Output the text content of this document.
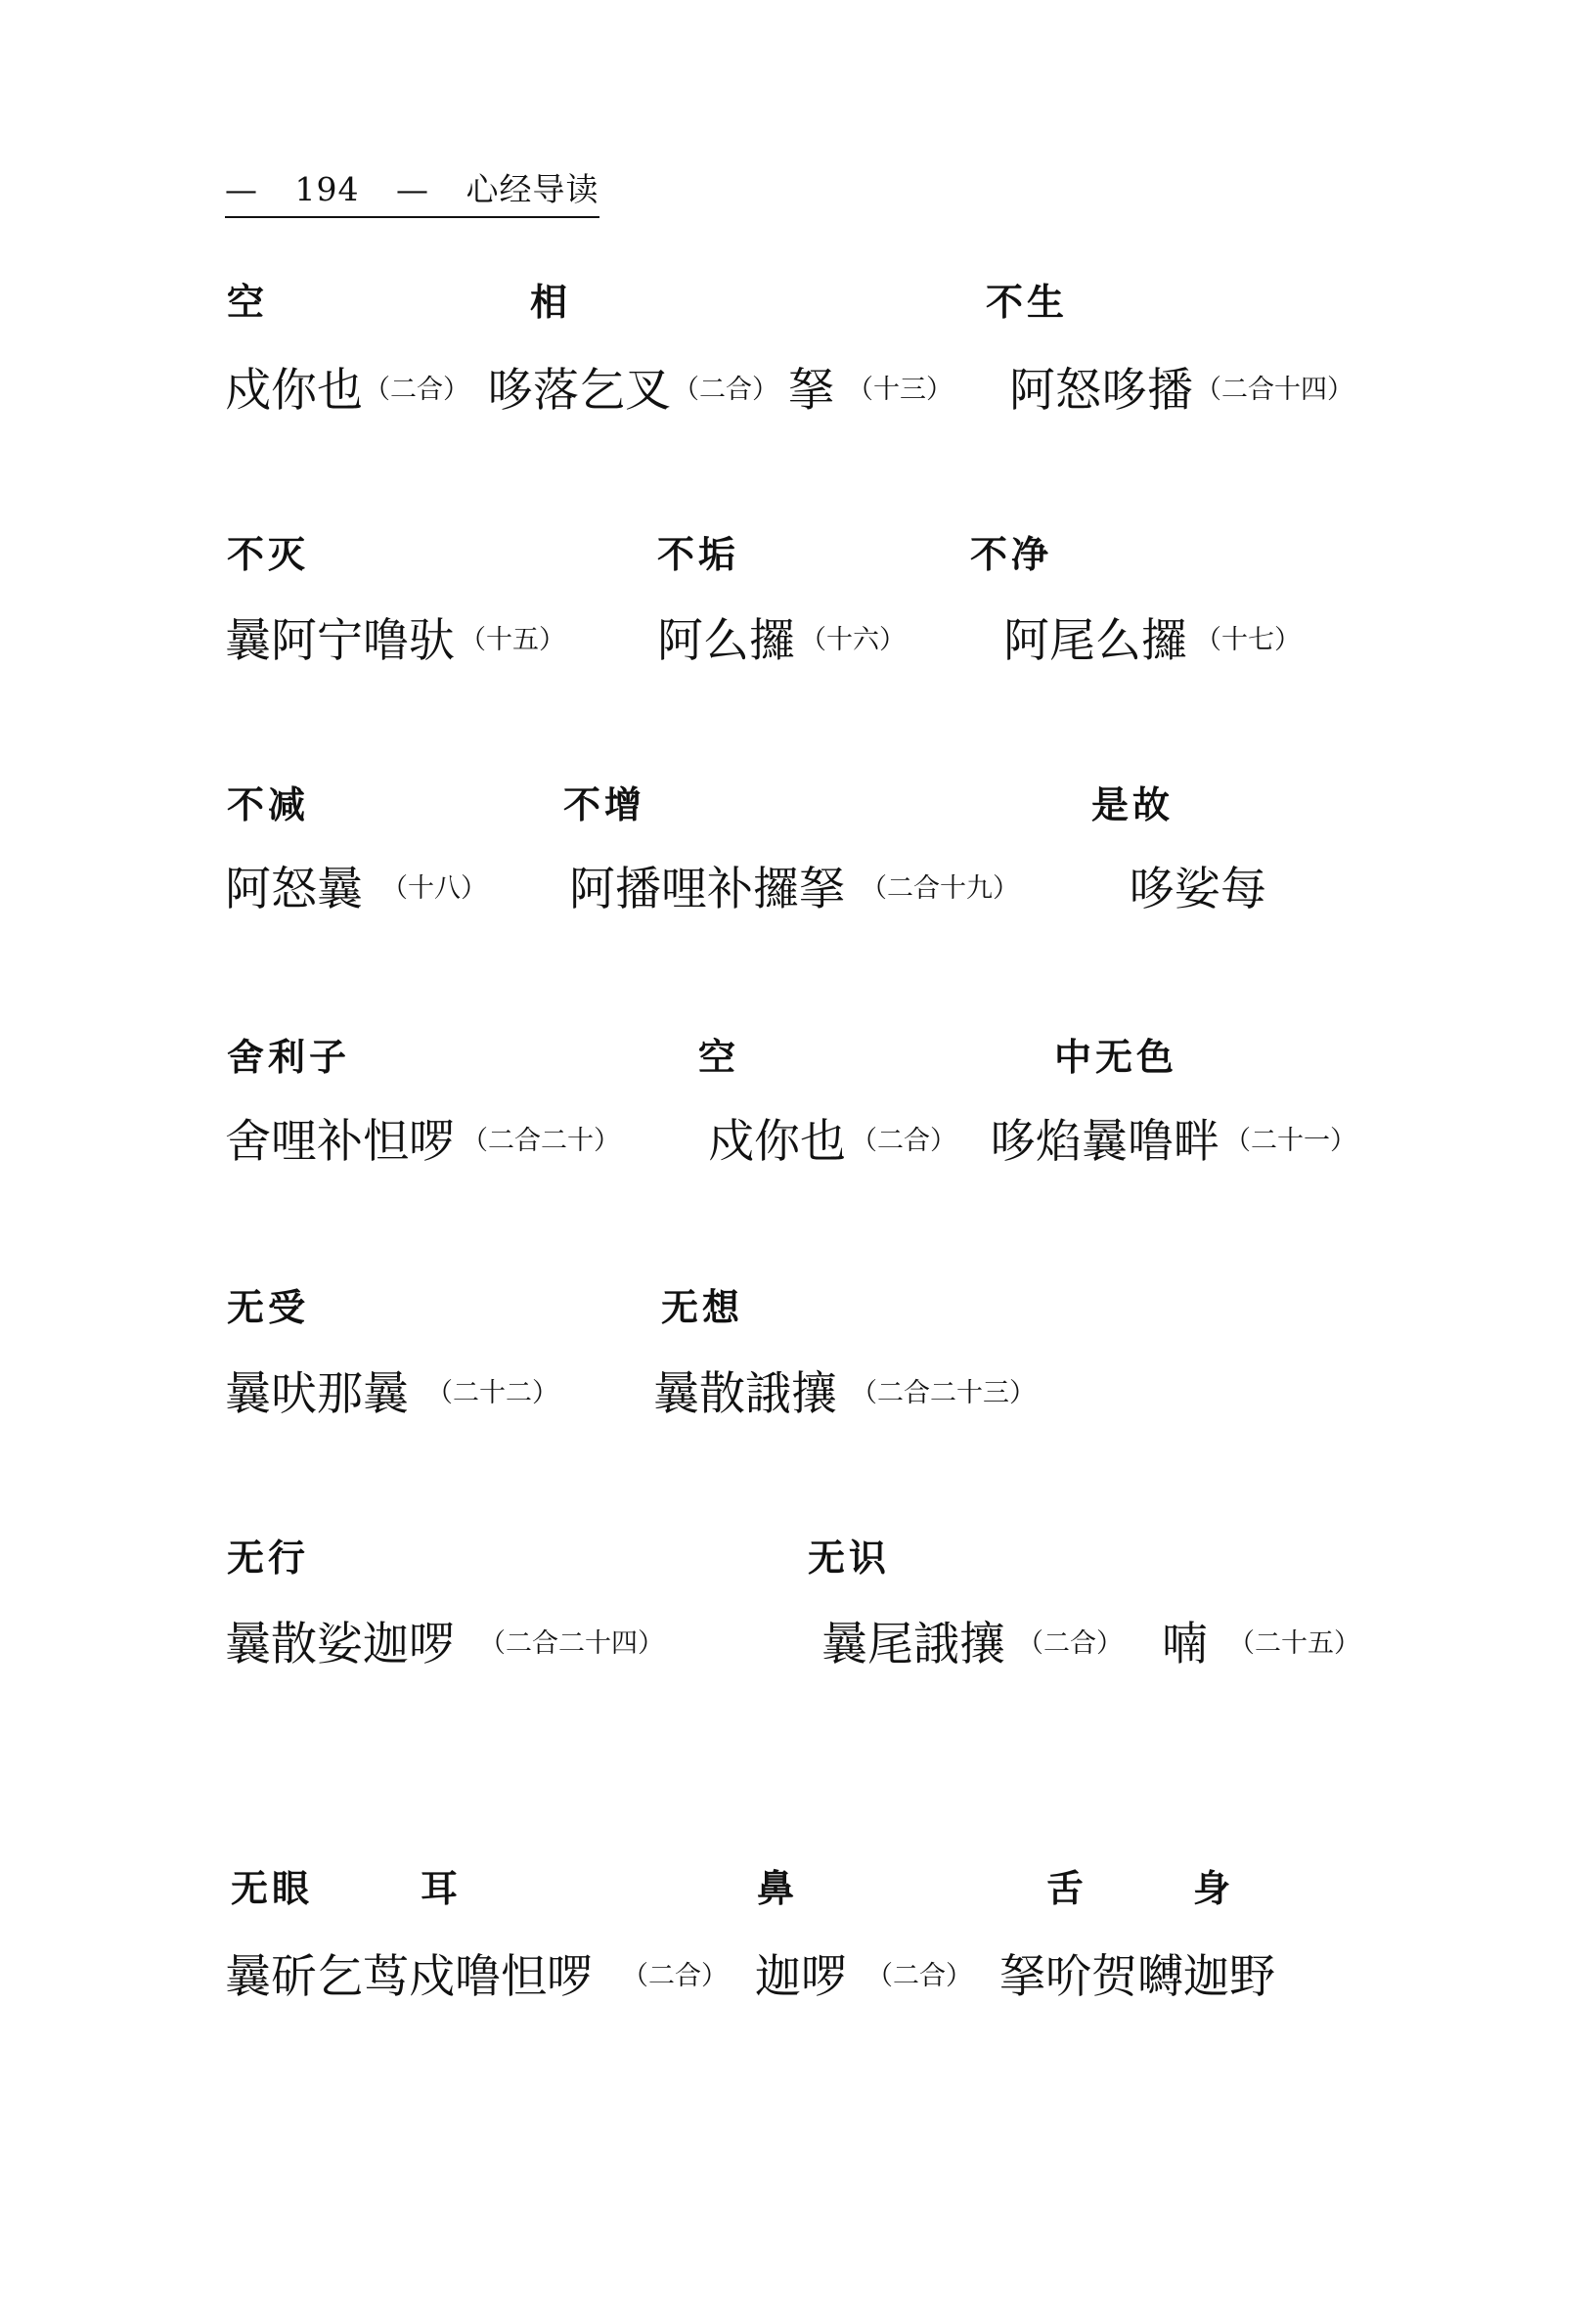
— 194 — 心经导读
空	相	不生
戍你也 （二合） 哆落乞叉 （二合） 拏 （十三） 阿怒哆播 （二合十四）
不灭	不垢	不净
曩阿宁噜驮 （十五） 阿么攞 （十六） 阿尾么攞 （十七）
不减	不增	是故
阿怒曩 （十八） 阿播哩补攞拏 （二合十九） 哆娑每
舍利子	空	中无色
舍哩补怛啰 （二合二十） 戍你也 （二合） 哆焰曩噜畔 （二十一）
无受	无想
曩吠那曩 （二十二） 曩散誐攘 （二合二十三）
无行	无识
曩散娑迦啰 （二合二十四）	曩尾誐攘 （二合） 喃 （二十五）
无眼	耳	鼻	舌	身
曩斫乞茑戍噜怛啰 （二合） 迦啰 （二合） 拏吤贺嚩迦野
